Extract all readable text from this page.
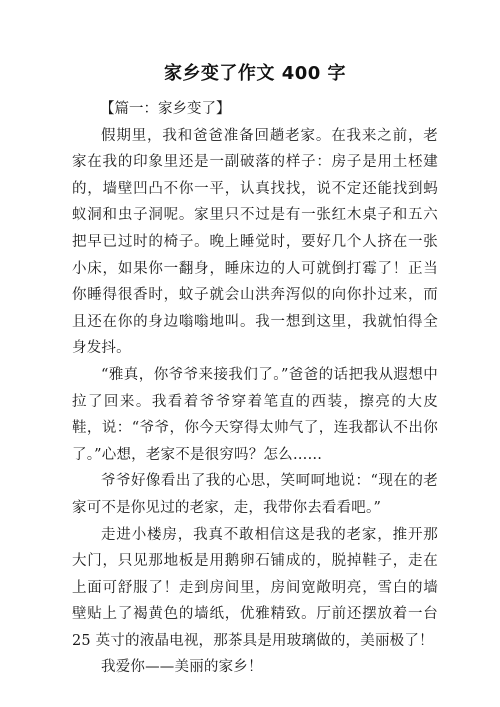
家乡变了作文 400 字
【篇一：家乡变了】

假期里，我和爸爸准备回趟老家。在我来之前，老家在我的印象里还是一副破落的样子：房子是用土柸建的，墙壁凹凸不你一平，认真找找，说不定还能找到蚂蚁洞和虫子洞呢。家里只不过是有一张红木桌子和五六把早已过时的椅子。晚上睡觉时，要好几个人挤在一张小床，如果你一翻身，睡床边的人可就倒打霉了！正当你睡得很香时，蚊子就会山洪奔泻似的向你扑过来，而且还在你的身边嗡嗡地叫。我一想到这里，我就怕得全身发抖。

“雅真，你爷爷来接我们了。”爸爸的话把我从遐想中拉了回来。我看着爷爷穿着笔直的西装，擦亮的大皮鞋，说：“爷爷，你今天穿得太帅气了，连我都认不出你了。”心想，老家不是很穷吗？怎么……

爷爷好像看出了我的心思，笑呵呵地说：“现在的老家可不是你见过的老家，走，我带你去看看吧。”

走进小楼房，我真不敢相信这是我的老家，推开那大门，只见那地板是用鹅卵石铺成的，脱掉鞋子，走在上面可舒服了！走到房间里，房间宽敞明亮，雪白的墙壁贴上了褐黄色的墙纸，优雅精致。厅前还摆放着一台 25 英寸的液晶电视，那茶具是用玻璃做的，美丽极了！

我爱你——美丽的家乡！
